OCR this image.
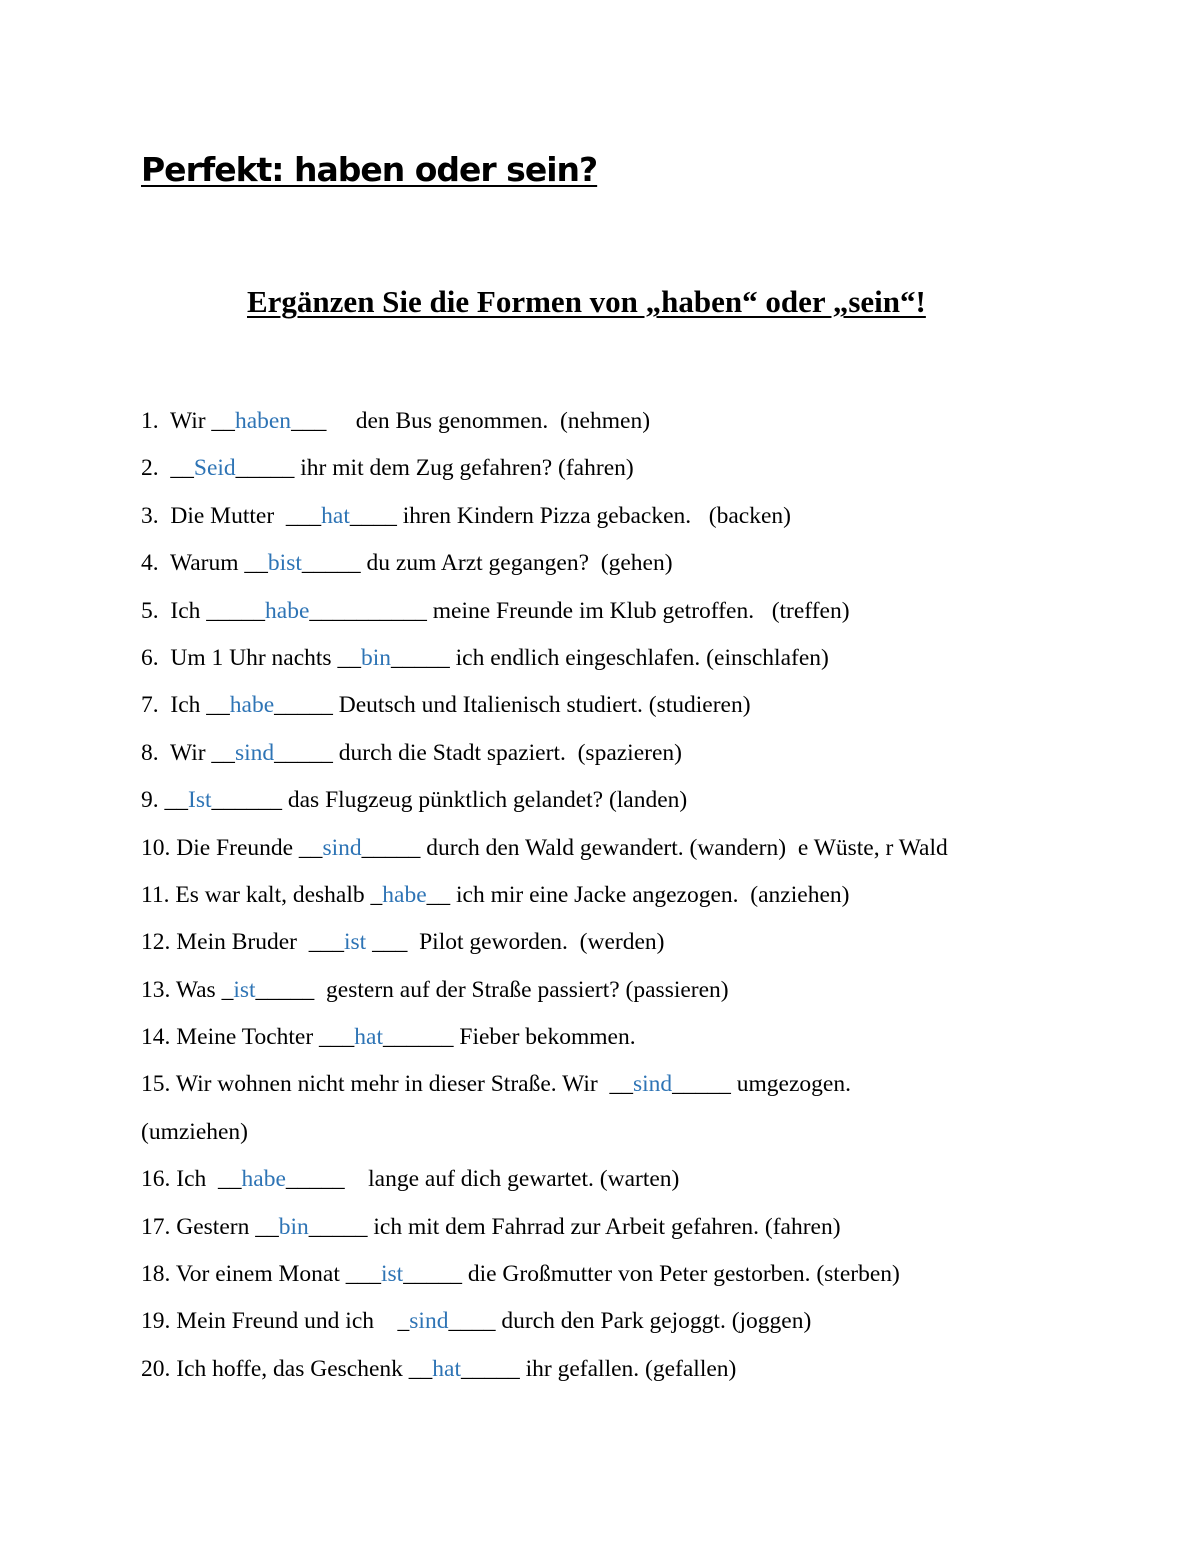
Perfekt: haben oder sein?
Ergänzen Sie die Formen von „haben“ oder „sein“!
1.  Wir __haben___     den Bus genommen.  (nehmen)
2.  __Seid_____ ihr mit dem Zug gefahren? (fahren)
3.  Die Mutter  ___hat____ ihren Kindern Pizza gebacken.   (backen)
4.  Warum __bist_____ du zum Arzt gegangen?  (gehen)
5.  Ich _____habe__________ meine Freunde im Klub getroffen.   (treffen)
6.  Um 1 Uhr nachts __bin_____ ich endlich eingeschlafen. (einschlafen)
7.  Ich __habe_____ Deutsch und Italienisch studiert. (studieren)
8.  Wir __sind_____ durch die Stadt spaziert.  (spazieren)
9. __Ist______ das Flugzeug pünktlich gelandet? (landen)
10. Die Freunde __sind_____ durch den Wald gewandert. (wandern)  e Wüste, r Wald
11. Es war kalt, deshalb _habe__ ich mir eine Jacke angezogen.  (anziehen)
12. Mein Bruder  ___ist ___  Pilot geworden.  (werden)
13. Was _ist_____  gestern auf der Straße passiert? (passieren)
14. Meine Tochter ___hat______ Fieber bekommen.
15. Wir wohnen nicht mehr in dieser Straße. Wir  __sind_____ umgezogen.
(umziehen)
16. Ich  __habe_____    lange auf dich gewartet. (warten)
17. Gestern __bin_____ ich mit dem Fahrrad zur Arbeit gefahren. (fahren)
18. Vor einem Monat ___ist_____ die Großmutter von Peter gestorben. (sterben)
19. Mein Freund und ich    _sind____ durch den Park gejoggt. (joggen)
20. Ich hoffe, das Geschenk __hat_____ ihr gefallen. (gefallen)
